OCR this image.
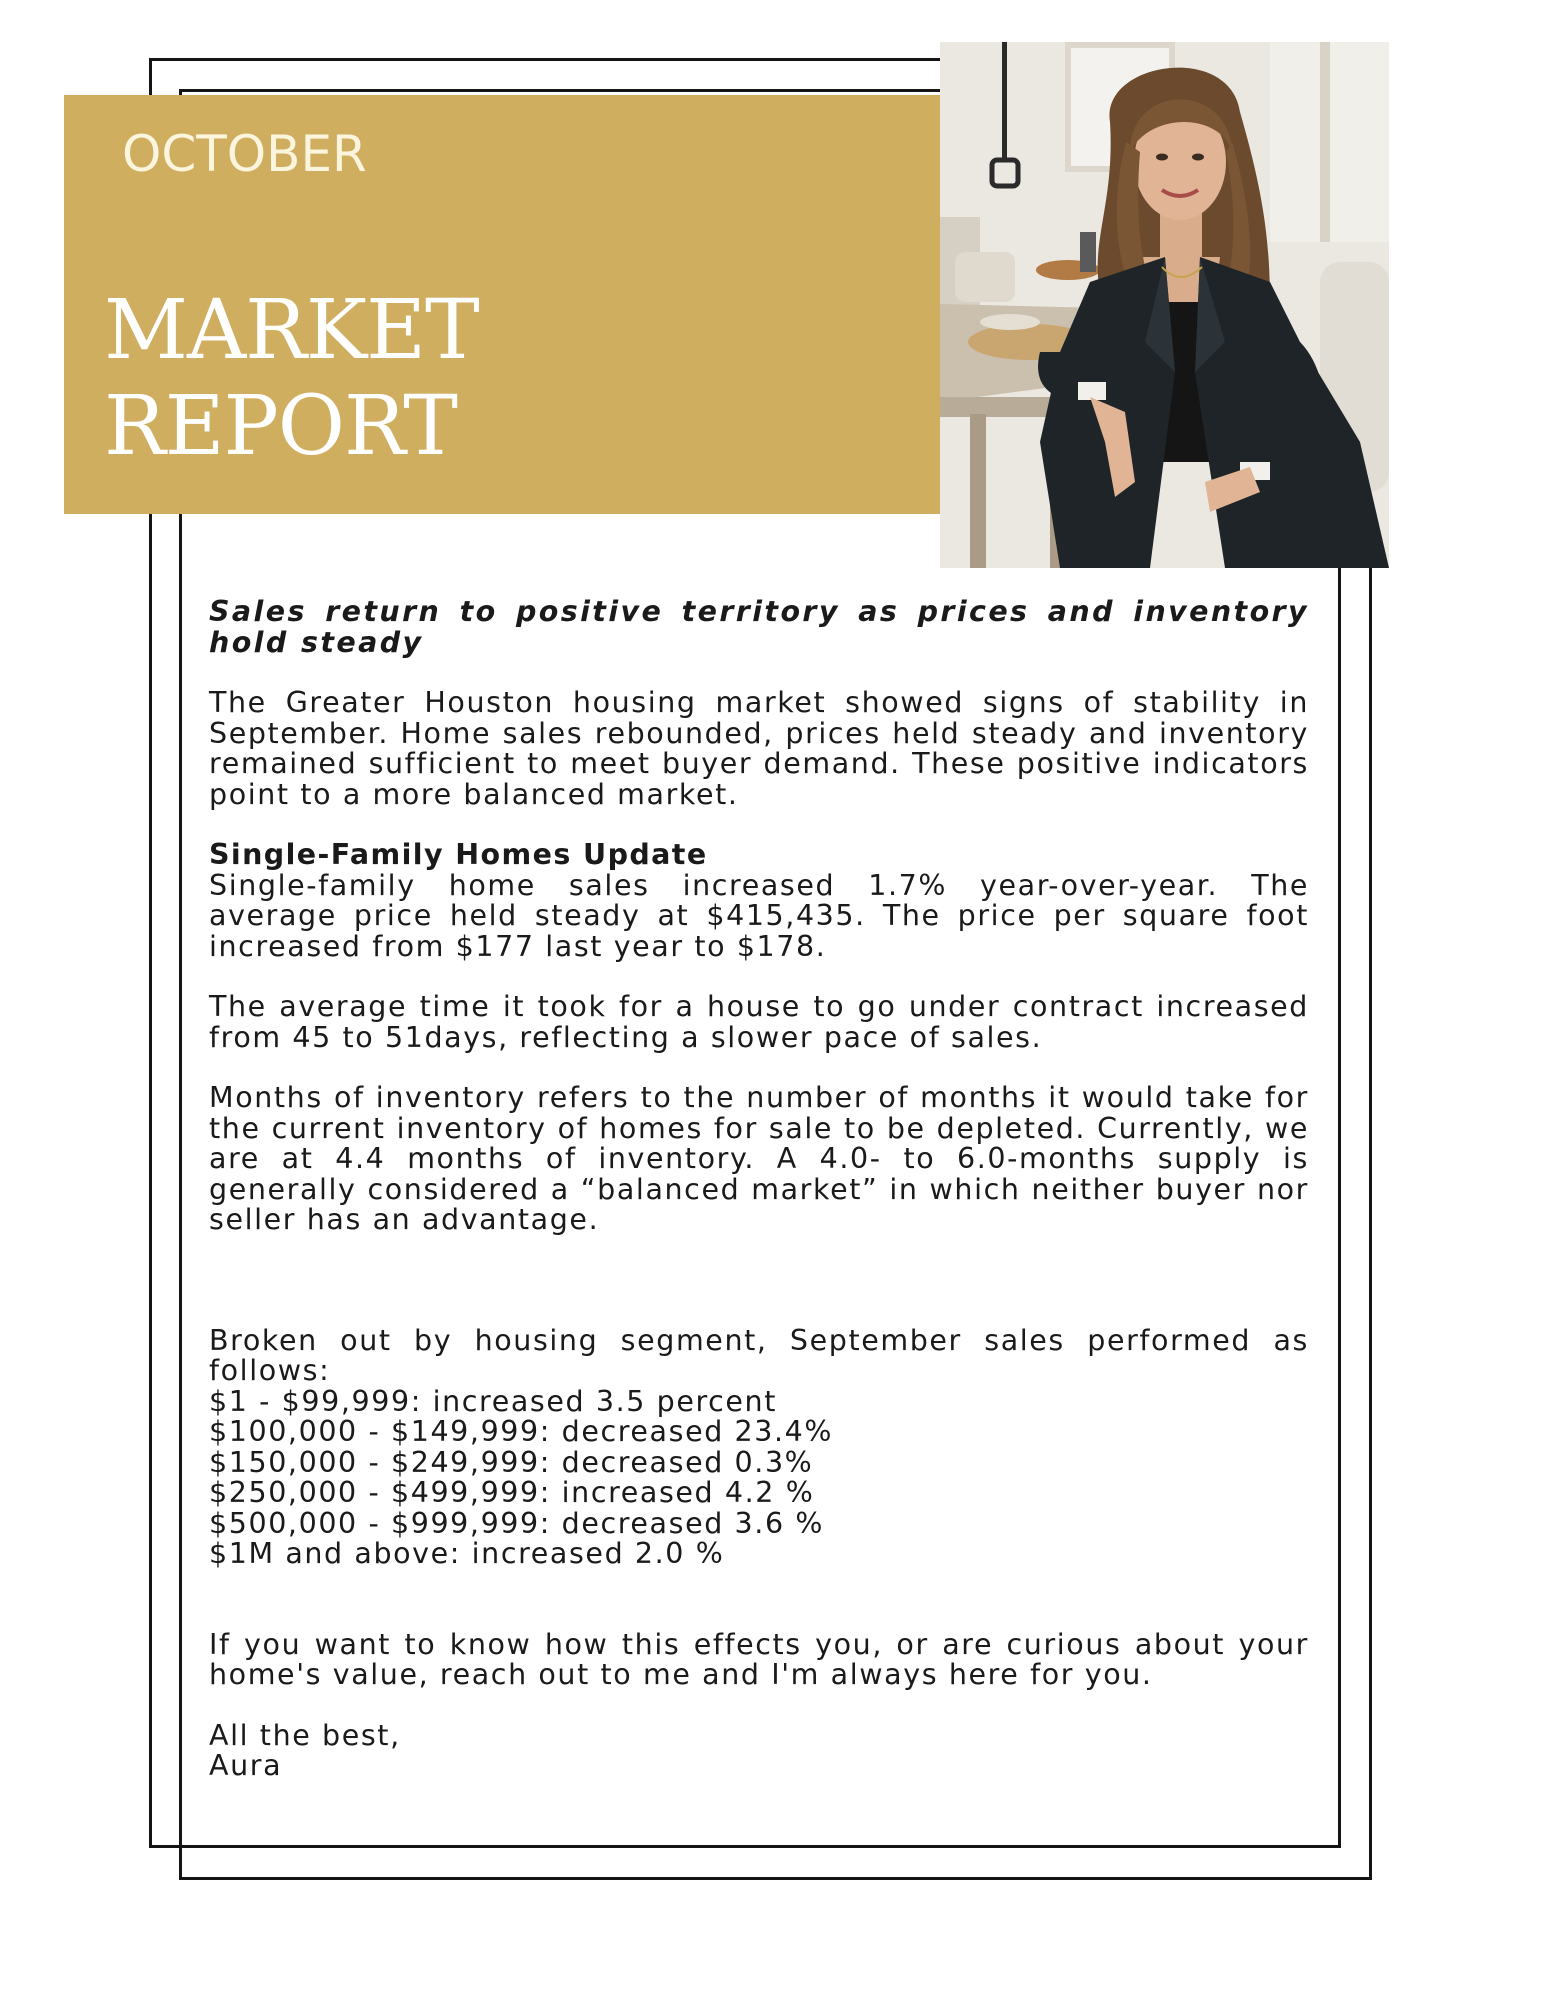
OCTOBER
MARKET
REPORT

Sales return to positive territory as prices and inventory hold steady

The Greater Houston housing market showed signs of stability in September. Home sales rebounded, prices held steady and inventory remained sufficient to meet buyer demand. These positive indicators point to a more balanced market.

Single-Family Homes Update

Single-family home sales increased 1.7% year-over-year. The average price held steady at $415,435. The price per square foot increased from $177 last year to $178.

The average time it took for a house to go under contract increased from 45 to 51days, reflecting a slower pace of sales.

Months of inventory refers to the number of months it would take for the current inventory of homes for sale to be depleted. Currently, we are at 4.4 months of inventory. A 4.0- to 6.0-months supply is generally considered a “balanced market” in which neither buyer nor seller has an advantage.

Broken out by housing segment, September sales performed as follows:

$1 - $99,999: increased 3.5 percent

$100,000 - $149,999: decreased 23.4%

$150,000 - $249,999: decreased 0.3%

$250,000 - $499,999: increased 4.2 %

$500,000 - $999,999: decreased 3.6 %

$1M and above: increased 2.0 %

If you want to know how this effects you, or are curious about your home's value, reach out to me and I'm always here for you.

All the best,

Aura
